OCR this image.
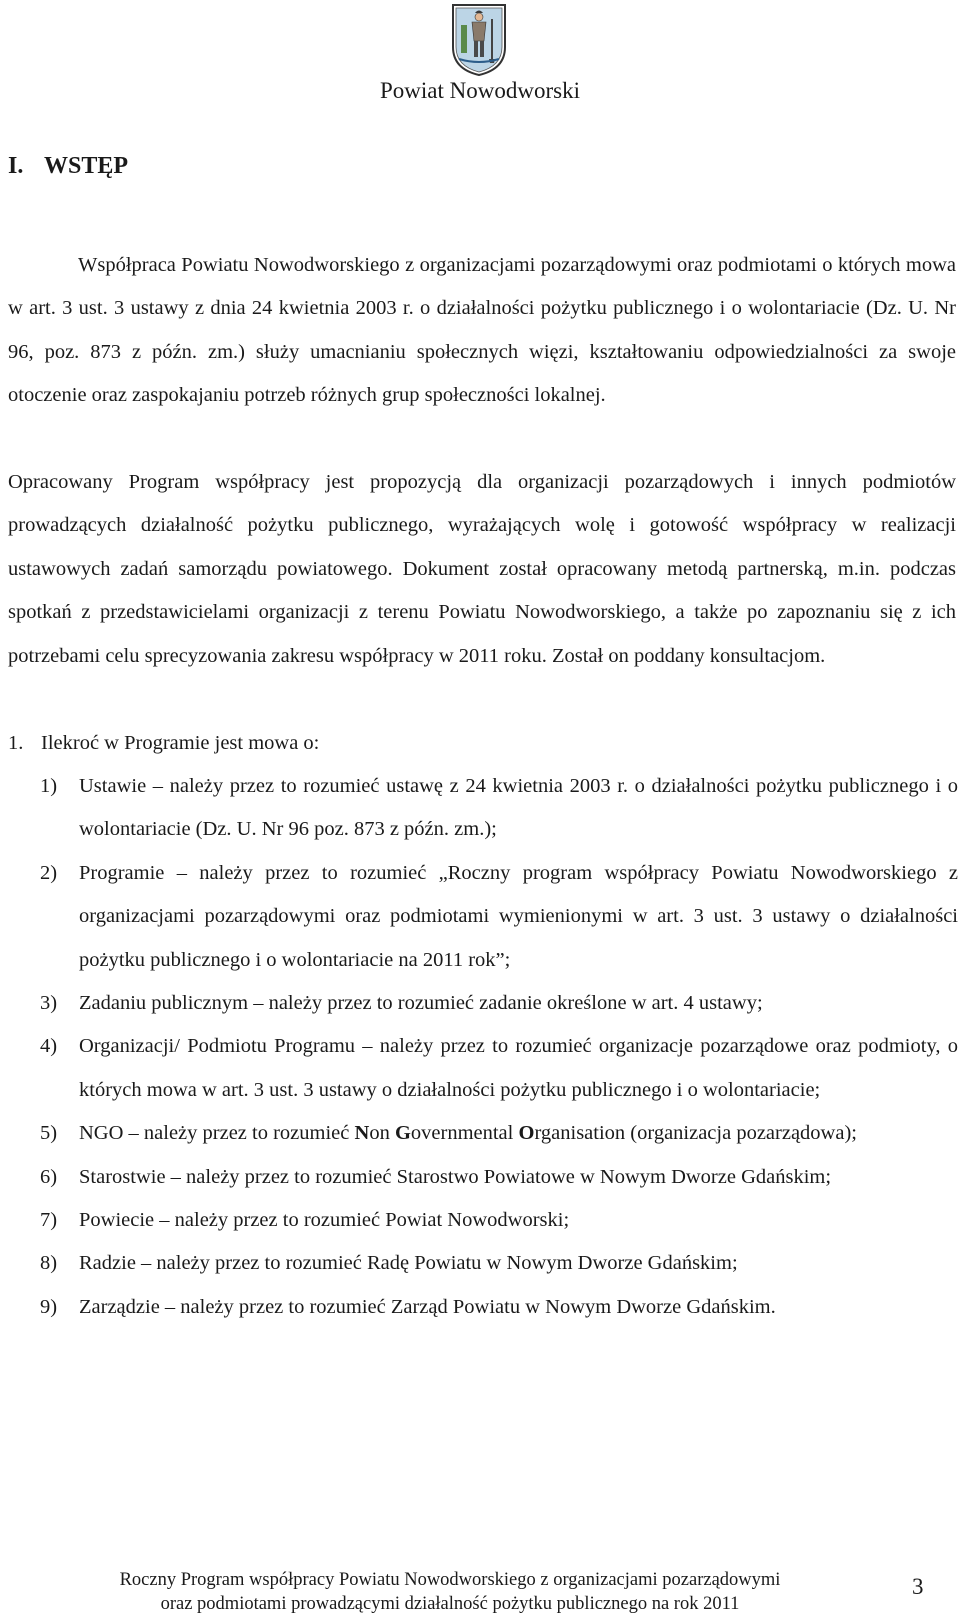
Powiat Nowodworski
I. WSTĘP

Współpraca Powiatu Nowodworskiego z organizacjami pozarządowymi oraz podmiotami o których mowa w art. 3 ust. 3 ustawy z dnia 24 kwietnia 2003 r. o działalności pożytku publicznego i o wolontariacie (Dz. U. Nr 96, poz. 873 z późn. zm.) służy umacnianiu społecznych więzi, kształtowaniu odpowiedzialności za swoje otoczenie oraz zaspokajaniu potrzeb różnych grup społeczności lokalnej.

Opracowany Program współpracy jest propozycją dla organizacji pozarządowych i innych podmiotów prowadzących działalność pożytku publicznego, wyrażających wolę i gotowość współpracy w realizacji ustawowych zadań samorządu powiatowego. Dokument został opracowany metodą partnerską, m.in. podczas spotkań z przedstawicielami organizacji z terenu Powiatu Nowodworskiego, a także po zapoznaniu się z ich potrzebami celu sprecyzowania zakresu współpracy w 2011 roku. Został on poddany konsultacjom.

1. Ilekroć w Programie jest mowa o:
1)	Ustawie – należy przez to rozumieć ustawę z 24 kwietnia 2003 r. o działalności pożytku publicznego i o wolontariacie (Dz. U. Nr 96 poz. 873 z późn. zm.);
2)	Programie – należy przez to rozumieć „Roczny program współpracy Powiatu Nowodworskiego z organizacjami pozarządowymi oraz podmiotami wymienionymi w art. 3 ust. 3 ustawy o działalności pożytku publicznego i o wolontariacie na 2011 rok”;
3)	Zadaniu publicznym – należy przez to rozumieć zadanie określone w art. 4 ustawy;
4)	Organizacji/ Podmiotu Programu – należy przez to rozumieć organizacje pozarządowe oraz podmioty, o których mowa w art. 3 ust. 3 ustawy o działalności pożytku publicznego i o wolontariacie;
5)	NGO – należy przez to rozumieć Non Governmental Organisation (organizacja pozarządowa);
6)	Starostwie – należy przez to rozumieć Starostwo Powiatowe w Nowym Dworze Gdańskim;
7)	Powiecie – należy przez to rozumieć Powiat Nowodworski;
8)	Radzie – należy przez to rozumieć Radę Powiatu w Nowym Dworze Gdańskim;
9)	Zarządzie – należy przez to rozumieć Zarząd Powiatu w Nowym Dworze Gdańskim.
Roczny Program współpracy Powiatu Nowodworskiego z organizacjami pozarządowymi
oraz podmiotami prowadzącymi działalność pożytku publicznego na rok 2011
3
